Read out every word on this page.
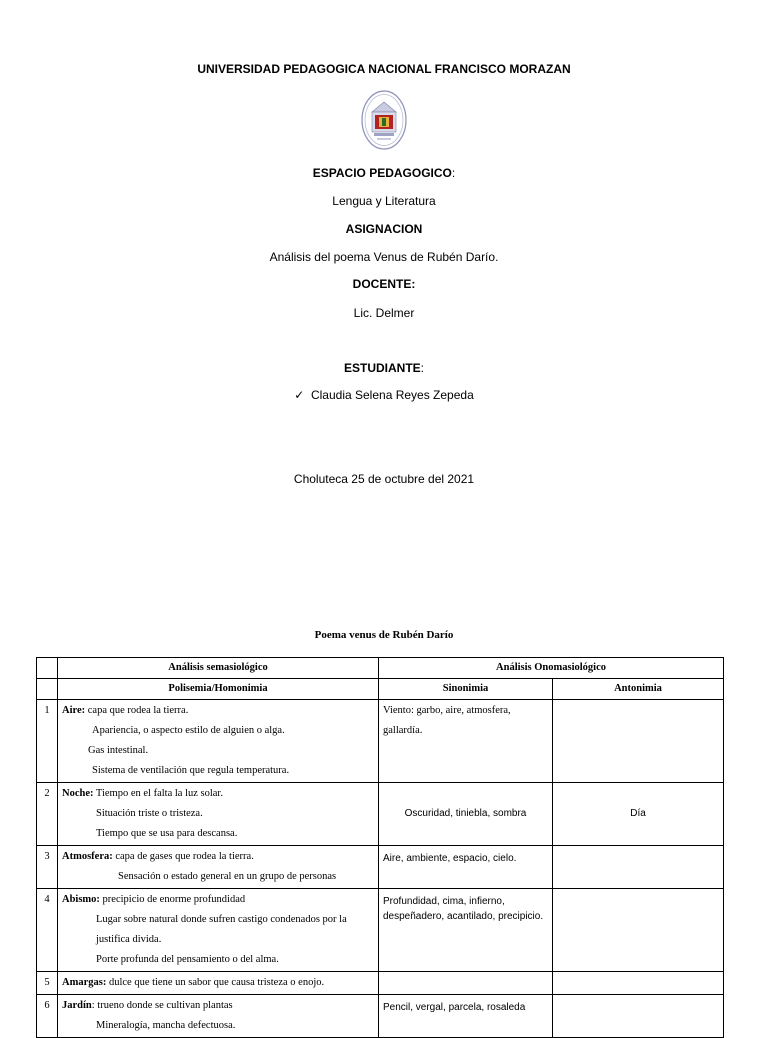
UNIVERSIDAD PEDAGOGICA NACIONAL FRANCISCO MORAZAN
ESPACIO PEDAGOGICO:
Lengua y Literatura
ASIGNACION
Análisis del poema Venus de Rubén Darío.
DOCENTE:
Lic. Delmer
ESTUDIANTE:
✓ Claudia Selena Reyes Zepeda
Choluteca 25 de octubre del 2021
Poema venus de Rubén Darío
	Análisis semasiológico	Análisis Onomasiológico	
	Polisemia/Homonimia	Sinonimia	Antonimia
1	Aire: capa que rodea la tierra.
Apariencia, o aspecto estilo de alguien o alga.
Gas intestinal.
Sistema de ventilación que regula temperatura.	Viento: garbo, aire, atmosfera, gallardía.	
2	Noche: Tiempo en el falta la luz solar.
Situación triste o tristeza.
Tiempo que se usa para descansa.	Oscuridad, tiniebla, sombra	Día
3	Atmosfera: capa de gases que rodea la tierra.
Sensación o estado general en un grupo de personas	Aire, ambiente, espacio, cielo.	
4	Abismo: precipicio de enorme profundidad
Lugar sobre natural donde sufren castigo condenados por la justifica divida.
Porte profunda del pensamiento o del alma.	Profundidad, cima, infierno, despeñadero, acantilado, precipicio.	
5	Amargas: dulce que tiene un sabor que causa tristeza o enojo.		
6	Jardín: trueno donde se cultivan plantas
Mineralogía, mancha defectuosa.	Pencil, vergal, parcela, rosaleda	
